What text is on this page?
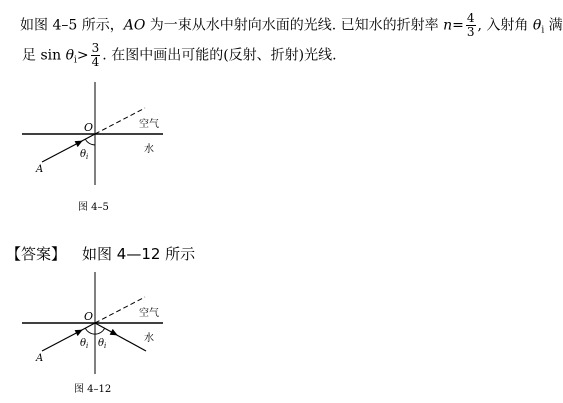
如图 4–5 所示，AO 为一束从水中射向水面的光线. 已知水的折射率 $n= \frac{4}{3}$ , 入射角 $\theta_i$ 满
足 $\sin \theta_i> \frac{3}{4}$ . 在图中画出可能的(反射、折射)光线.
【答案】 如图 4—12 所示
O	空气
水
A
$\theta_i$
图 4–5
O	空气
水
A
$\theta_i$ $\theta_i$
图 4–12
